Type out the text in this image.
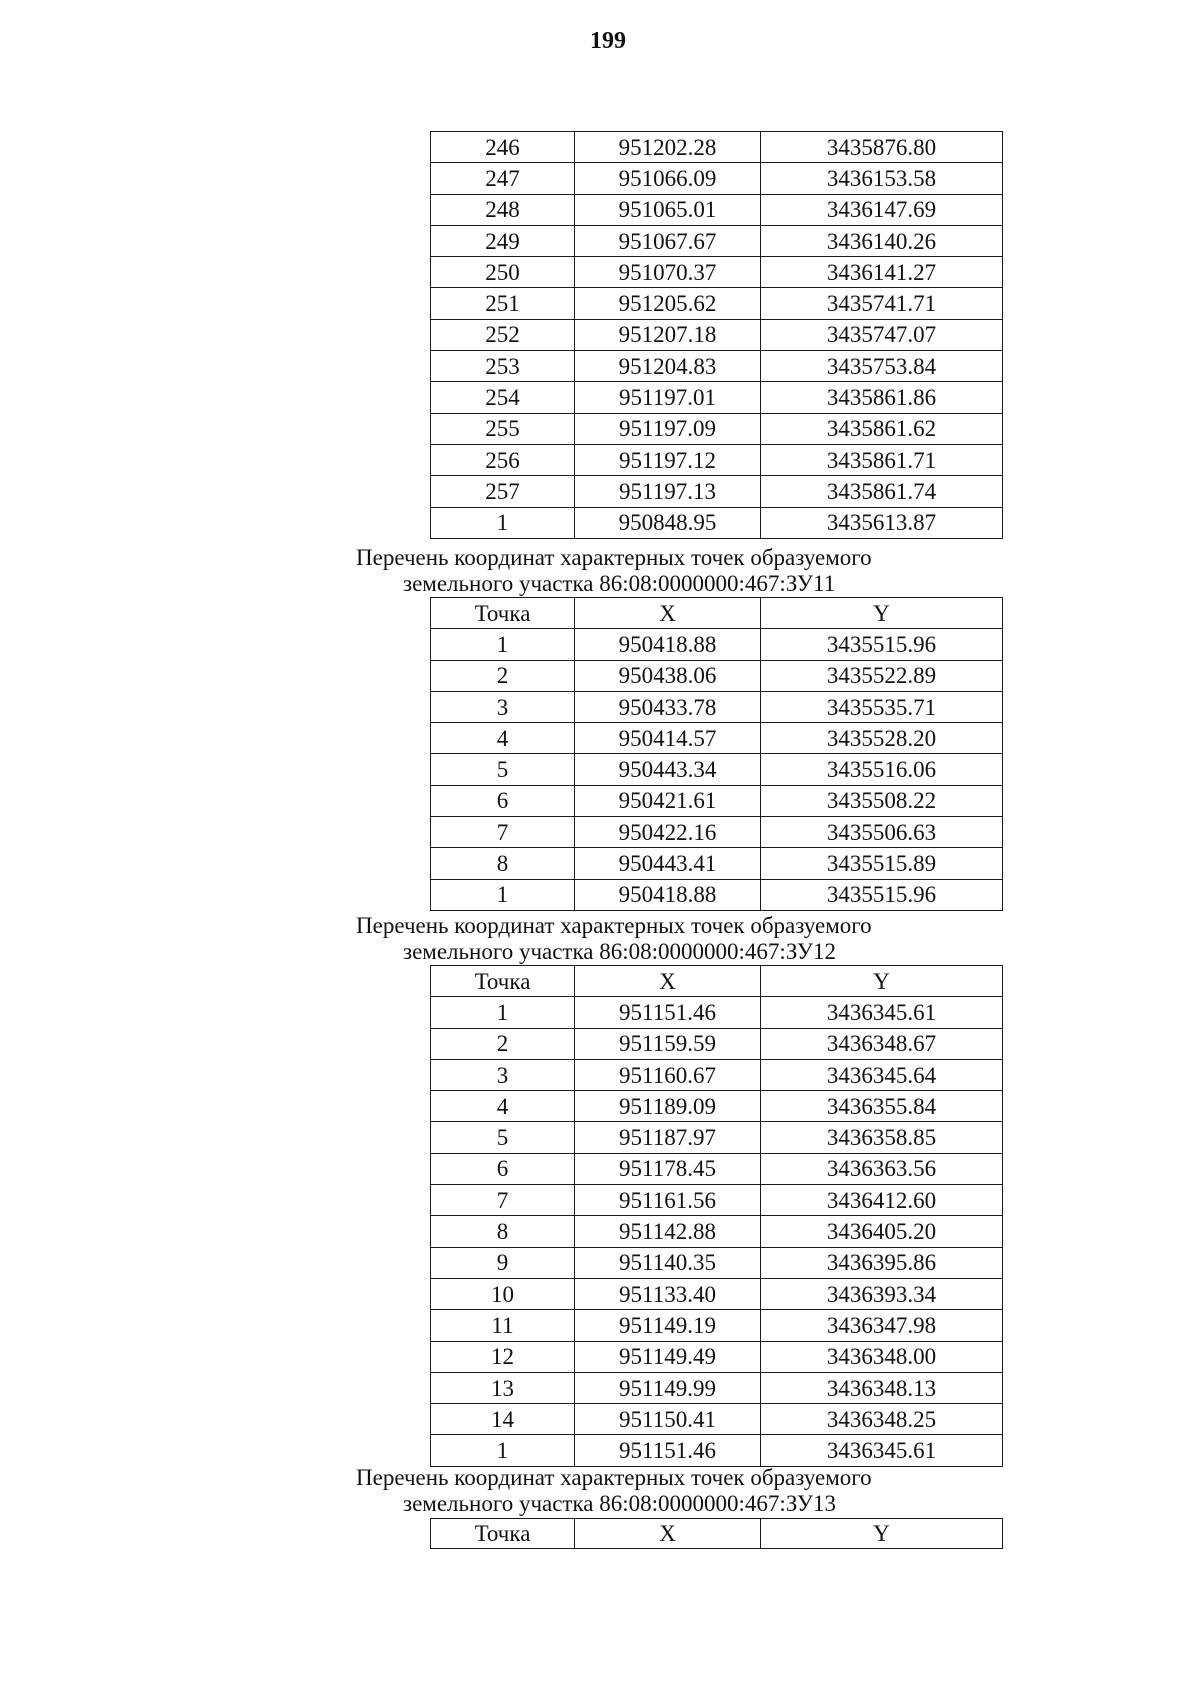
199
246	951202.28	3435876.80
247	951066.09	3436153.58
248	951065.01	3436147.69
249	951067.67	3436140.26
250	951070.37	3436141.27
251	951205.62	3435741.71
252	951207.18	3435747.07
253	951204.83	3435753.84
254	951197.01	3435861.86
255	951197.09	3435861.62
256	951197.12	3435861.71
257	951197.13	3435861.74
1	950848.95	3435613.87
Перечень координат характерных точек образуемого
земельного участка 86:08:0000000:467:ЗУ11
Точка	X	Y
1	950418.88	3435515.96
2	950438.06	3435522.89
3	950433.78	3435535.71
4	950414.57	3435528.20
5	950443.34	3435516.06
6	950421.61	3435508.22
7	950422.16	3435506.63
8	950443.41	3435515.89
1	950418.88	3435515.96
Перечень координат характерных точек образуемого
земельного участка 86:08:0000000:467:ЗУ12
Точка	X	Y
1	951151.46	3436345.61
2	951159.59	3436348.67
3	951160.67	3436345.64
4	951189.09	3436355.84
5	951187.97	3436358.85
6	951178.45	3436363.56
7	951161.56	3436412.60
8	951142.88	3436405.20
9	951140.35	3436395.86
10	951133.40	3436393.34
11	951149.19	3436347.98
12	951149.49	3436348.00
13	951149.99	3436348.13
14	951150.41	3436348.25
1	951151.46	3436345.61
Перечень координат характерных точек образуемого
земельного участка 86:08:0000000:467:ЗУ13
Точка	X	Y
